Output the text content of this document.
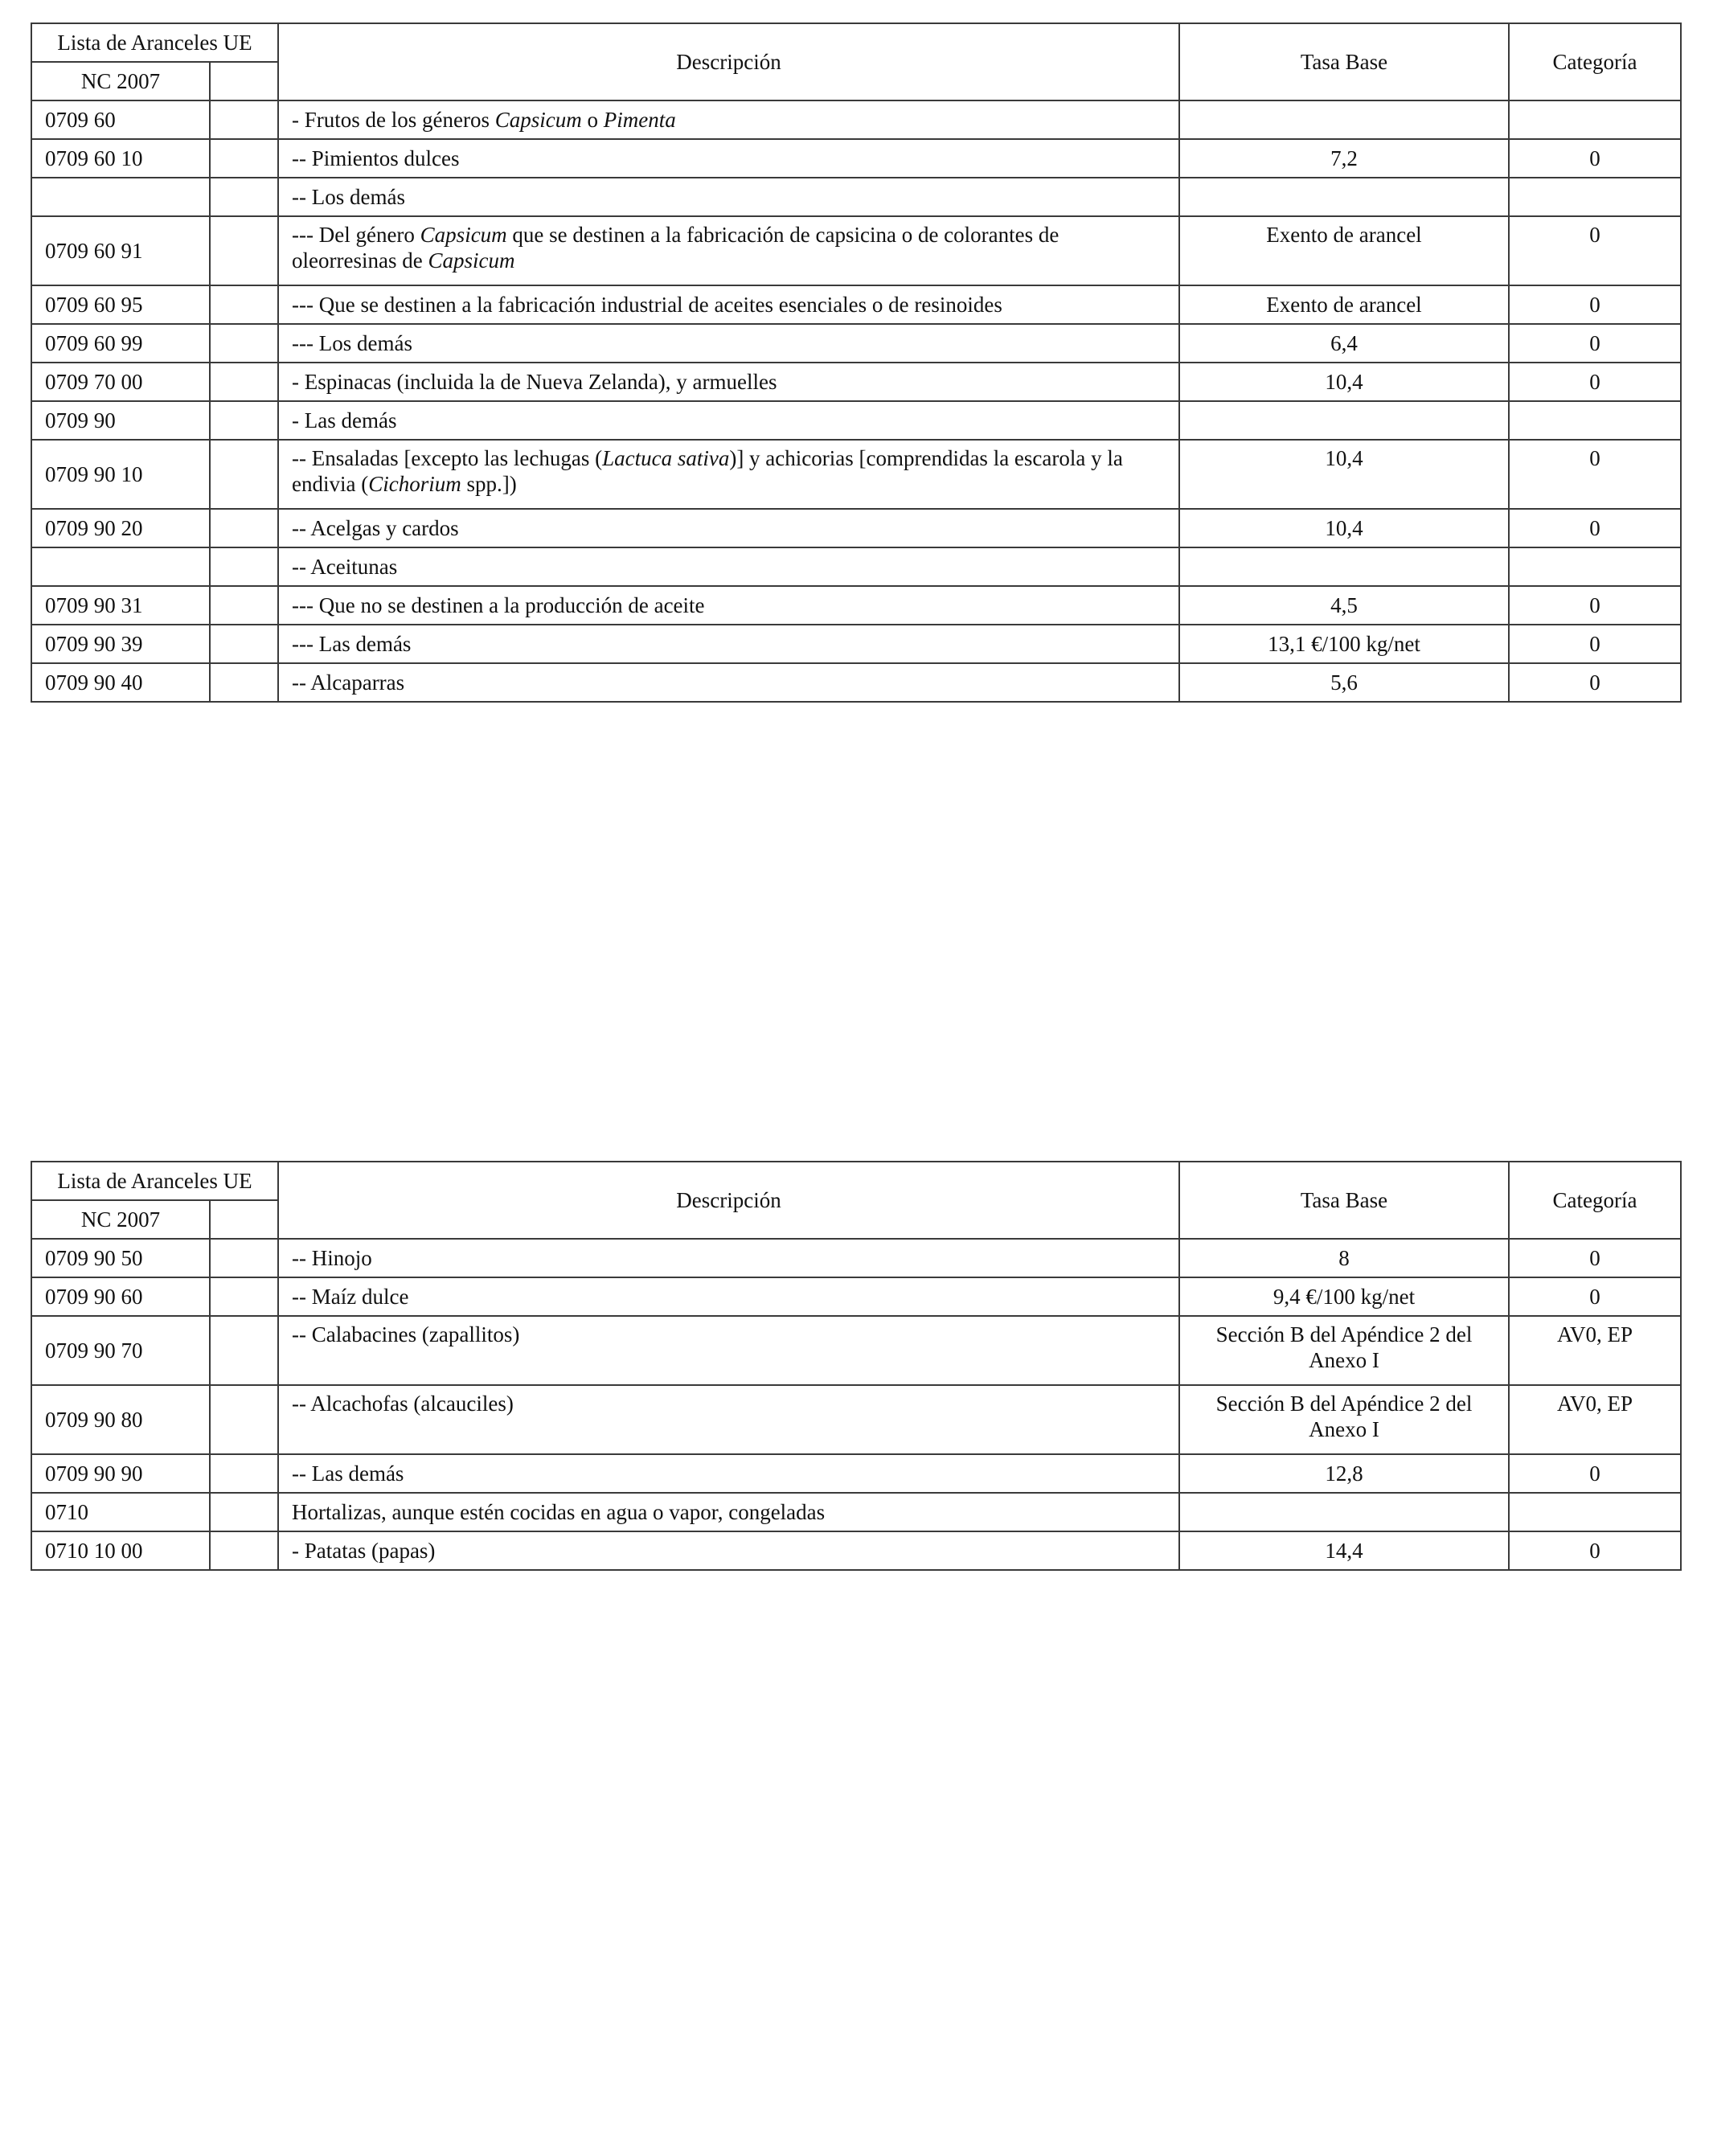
Lista de Aranceles UE		Descripción	Tasa Base	Categoría
NC 2007				
0709 60		- Frutos de los géneros Capsicum o Pimenta		
0709 60 10		-- Pimientos dulces	7,2	0
		-- Los demás		
0709 60 91		--- Del género Capsicum que se destinen a la fabricación de capsicina o de colorantes de oleorresinas de Capsicum	Exento de arancel	0
0709 60 95		--- Que se destinen a la fabricación industrial de aceites esenciales o de resinoides	Exento de arancel	0
0709 60 99		--- Los demás	6,4	0
0709 70 00		- Espinacas (incluida la de Nueva Zelanda), y armuelles	10,4	0
0709 90		- Las demás		
0709 90 10		-- Ensaladas [excepto las lechugas (Lactuca sativa)] y achicorias [comprendidas la escarola y la endivia (Cichorium spp.])	10,4	0
0709 90 20		-- Acelgas y cardos	10,4	0
		-- Aceitunas		
0709 90 31		--- Que no se destinen a la producción de aceite	4,5	0
0709 90 39		--- Las demás	13,1 €/100 kg/net	0
0709 90 40		-- Alcaparras	5,6	0
Lista de Aranceles UE		Descripción	Tasa Base	Categoría
NC 2007				
0709 90 50		-- Hinojo	8	0
0709 90 60		-- Maíz dulce	9,4 €/100 kg/net	0
0709 90 70		-- Calabacines (zapallitos)	Sección B del Apéndice 2 del Anexo I	AV0, EP
0709 90 80		-- Alcachofas (alcauciles)	Sección B del Apéndice 2 del Anexo I	AV0, EP
0709 90 90		-- Las demás	12,8	0
0710		Hortalizas, aunque estén cocidas en agua o vapor, congeladas		
0710 10 00		- Patatas (papas)	14,4	0
